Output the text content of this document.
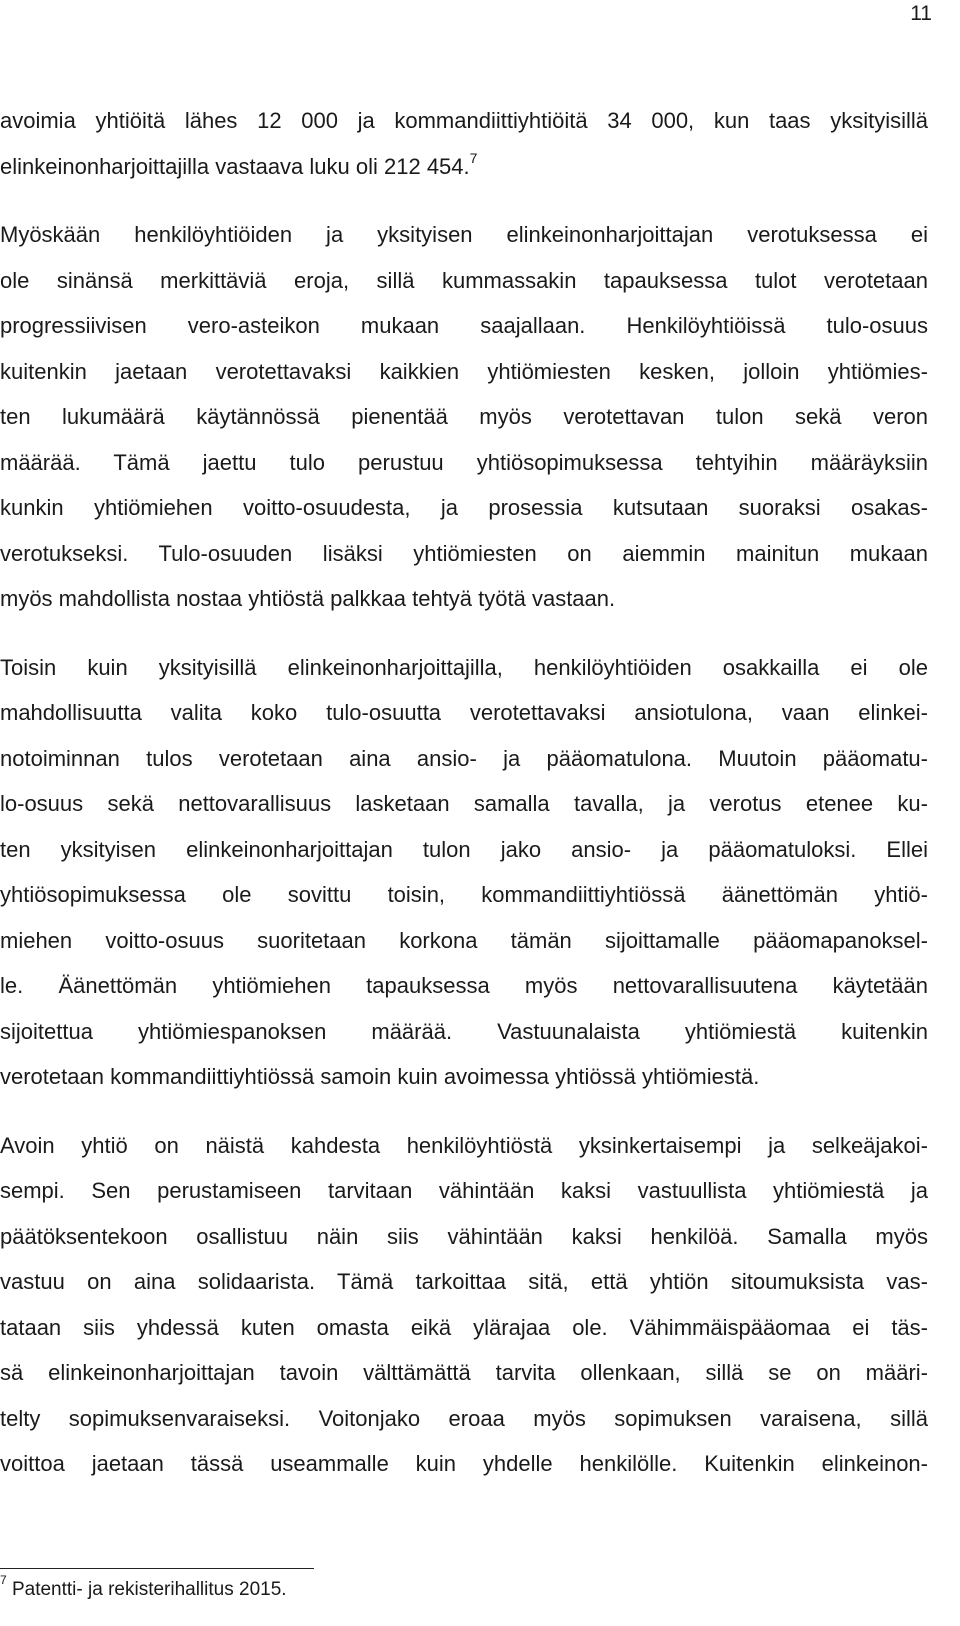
11
avoimia yhtiöitä lähes 12 000 ja kommandiittiyhtiöitä 34 000, kun taas yksityisillä
elinkeinonharjoittajilla vastaava luku oli 212 454.$^7$
Myöskään henkilöyhtiöiden ja yksityisen elinkeinonharjoittajan verotuksessa ei
ole sinänsä merkittäviä eroja, sillä kummassakin tapauksessa tulot verotetaan
progressiivisen vero-asteikon mukaan saajallaan. Henkilöyhtiöissä tulo-osuus
kuitenkin jaetaan verotettavaksi kaikkien yhtiömiesten kesken, jolloin yhtiömies-
ten lukumäärä käytännössä pienentää myös verotettavan tulon sekä veron
määrää. Tämä jaettu tulo perustuu yhtiösopimuksessa tehtyihin määräyksiin
kunkin yhtiömiehen voitto-osuudesta, ja prosessia kutsutaan suoraksi osakas-
verotukseksi. Tulo-osuuden lisäksi yhtiömiesten on aiemmin mainitun mukaan
myös mahdollista nostaa yhtiöstä palkkaa tehtyä työtä vastaan.
Toisin kuin yksityisillä elinkeinonharjoittajilla, henkilöyhtiöiden osakkailla ei ole
mahdollisuutta valita koko tulo-osuutta verotettavaksi ansiotulona, vaan elinkei-
notoiminnan tulos verotetaan aina ansio- ja pääomatulona. Muutoin pääomatu-
lo-osuus sekä nettovarallisuus lasketaan samalla tavalla, ja verotus etenee ku-
ten yksityisen elinkeinonharjoittajan tulon jako ansio- ja pääomatuloksi. Ellei
yhtiösopimuksessa ole sovittu toisin, kommandiittiyhtiössä äänettömän yhtiö-
miehen voitto-osuus suoritetaan korkona tämän sijoittamalle pääomapanoksel-
le. Äänettömän yhtiömiehen tapauksessa myös nettovarallisuutena käytetään
sijoitettua yhtiömiespanoksen määrää. Vastuunalaista yhtiömiestä kuitenkin
verotetaan kommandiittiyhtiössä samoin kuin avoimessa yhtiössä yhtiömiestä.
Avoin yhtiö on näistä kahdesta henkilöyhtiöstä yksinkertaisempi ja selkeäjakoi-
sempi. Sen perustamiseen tarvitaan vähintään kaksi vastuullista yhtiömiestä ja
päätöksentekoon osallistuu näin siis vähintään kaksi henkilöä. Samalla myös
vastuu on aina solidaarista. Tämä tarkoittaa sitä, että yhtiön sitoumuksista vas-
tataan siis yhdessä kuten omasta eikä ylärajaa ole. Vähimmäispääomaa ei täs-
sä elinkeinonharjoittajan tavoin välttämättä tarvita ollenkaan, sillä se on määri-
telty sopimuksenvaraiseksi. Voitonjako eroaa myös sopimuksen varaisena, sillä
voittoa jaetaan tässä useammalle kuin yhdelle henkilölle. Kuitenkin elinkeinon-
$^7$ Patentti- ja rekisterihallitus 2015.
